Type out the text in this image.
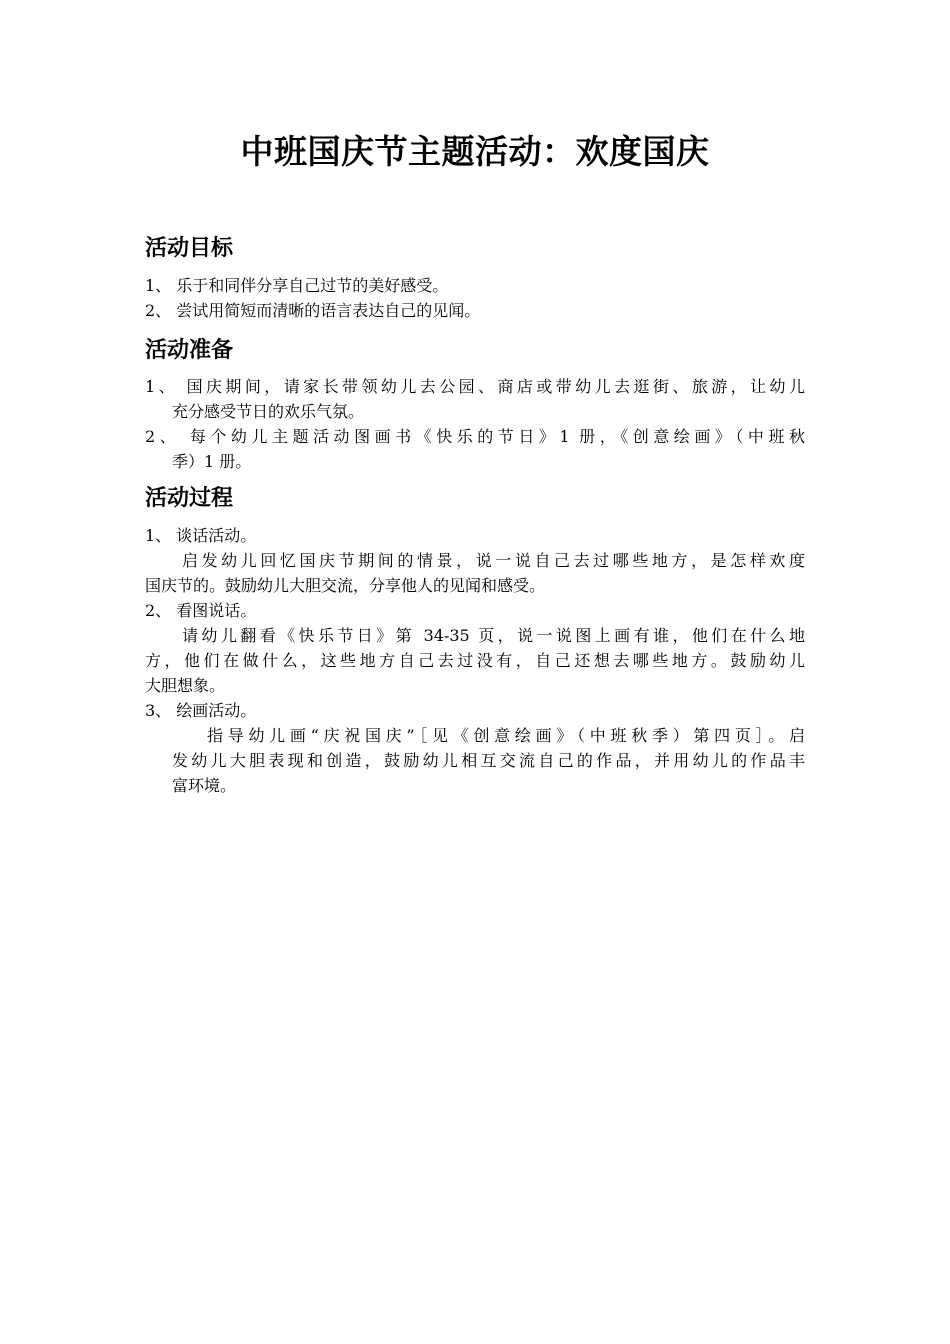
中班国庆节主题活动：欢度国庆
活动目标
1、 乐于和同伴分享自己过节的美好感受。
2、 尝试用简短而清晰的语言表达自己的见闻。
活动准备
1、 国庆期间，请家长带领幼儿去公园、商店或带幼儿去逛街、旅游，让幼儿
充分感受节日的欢乐气氛。
2、 每个幼儿主题活动图画书《快乐的节日》1 册，《创意绘画》（中班秋
季）1 册。
活动过程
1、 谈话活动。
启发幼儿回忆国庆节期间的情景，说一说自己去过哪些地方，是怎样欢度
国庆节的。鼓励幼儿大胆交流，分享他人的见闻和感受。
2、 看图说话。
请幼儿翻看《快乐节日》第 34-35 页，说一说图上画有谁，他们在什么地
方，他们在做什么，这些地方自己去过没有，自己还想去哪些地方。鼓励幼儿
大胆想象。
3、 绘画活动。
指导幼儿画“庆祝国庆”［见《创意绘画》（中班秋季）第四页］。启
发幼儿大胆表现和创造，鼓励幼儿相互交流自己的作品，并用幼儿的作品丰
富环境。
